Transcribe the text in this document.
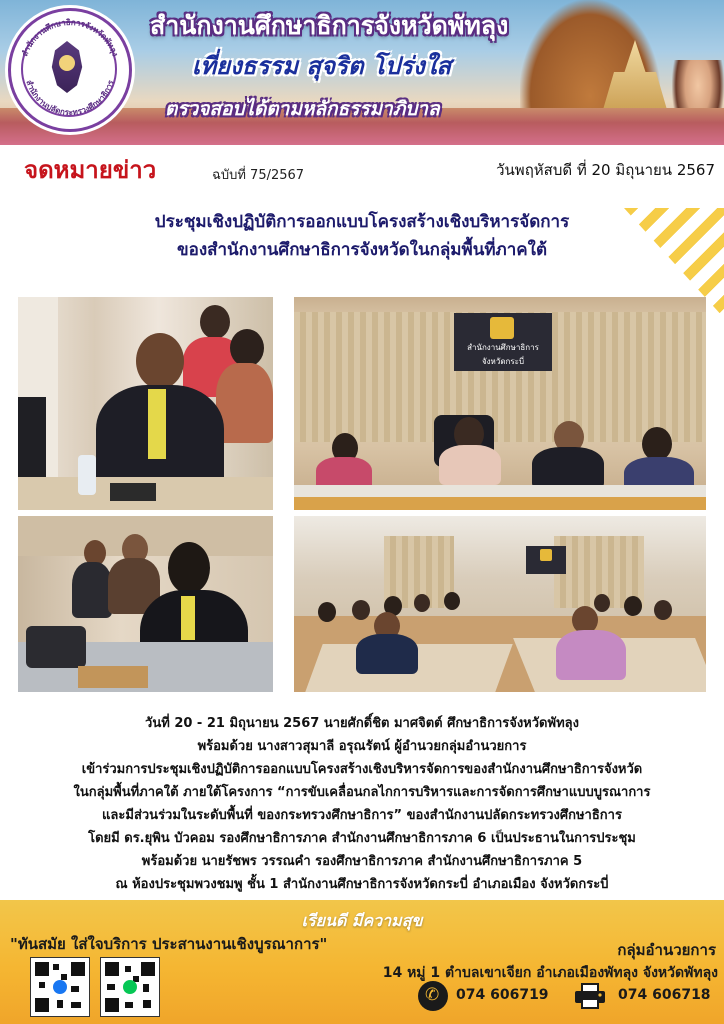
สำนักงานศึกษาธิการจังหวัดพัทลุง
สำนักงานปลัดกระทรวงศึกษาธิการ
สำนักงานศึกษาธิการจังหวัดพัทลุง
เที่ยงธรรม สุจริต โปร่งใส
ตรวจสอบได้ตามหลักธรรมาภิบาล
จดหมายข่าว	ฉบับที่ 75/2567	วันพฤหัสบดี ที่ 20 มิถุนายน 2567
ประชุมเชิงปฏิบัติการออกแบบโครงสร้างเชิงบริหารจัดการ
ของสำนักงานศึกษาธิการจังหวัดในกลุ่มพื้นที่ภาคใต้
สำนักงานศึกษาธิการ
จังหวัดกระบี่
วันที่ 20 - 21 มิถุนายน 2567 นายศักดิ์ชิต มาศจิตต์ ศึกษาธิการจังหวัดพัทลุง
พร้อมด้วย นางสาวสุมาลี อรุณรัตน์ ผู้อำนวยกลุ่มอำนวยการ
เข้าร่วมการประชุมเชิงปฏิบัติการออกแบบโครงสร้างเชิงบริหารจัดการของสำนักงานศึกษาธิการจังหวัด
ในกลุ่มพื้นที่ภาคใต้ ภายใต้โครงการ “การขับเคลื่อนกลไกการบริหารและการจัดการศึกษาแบบบูรณาการ
และมีส่วนร่วมในระดับพื้นที่ ของกระทรวงศึกษาธิการ” ของสำนักงานปลัดกระทรวงศึกษาธิการ
โดยมี ดร.ยุพิน บัวคอม รองศึกษาธิการภาค สำนักงานศึกษาธิการภาค 6 เป็นประธานในการประชุม
พร้อมด้วย นายรัชพร วรรณคำ รองศึกษาธิการภาค สำนักงานศึกษาธิการภาค 5
ณ ห้องประชุมพวงชมพู ชั้น 1 สำนักงานศึกษาธิการจังหวัดกระบี่ อำเภอเมือง จังหวัดกระบี่
เรียนดี มีความสุข
"ทันสมัย ใส่ใจบริการ ประสานงานเชิงบูรณาการ"	กลุ่มอำนวยการ
14 หมู่ 1 ตำบลเขาเจียก อำเภอเมืองพัทลุง จังหวัดพัทลุง
✆ 074 606719	074 606718
